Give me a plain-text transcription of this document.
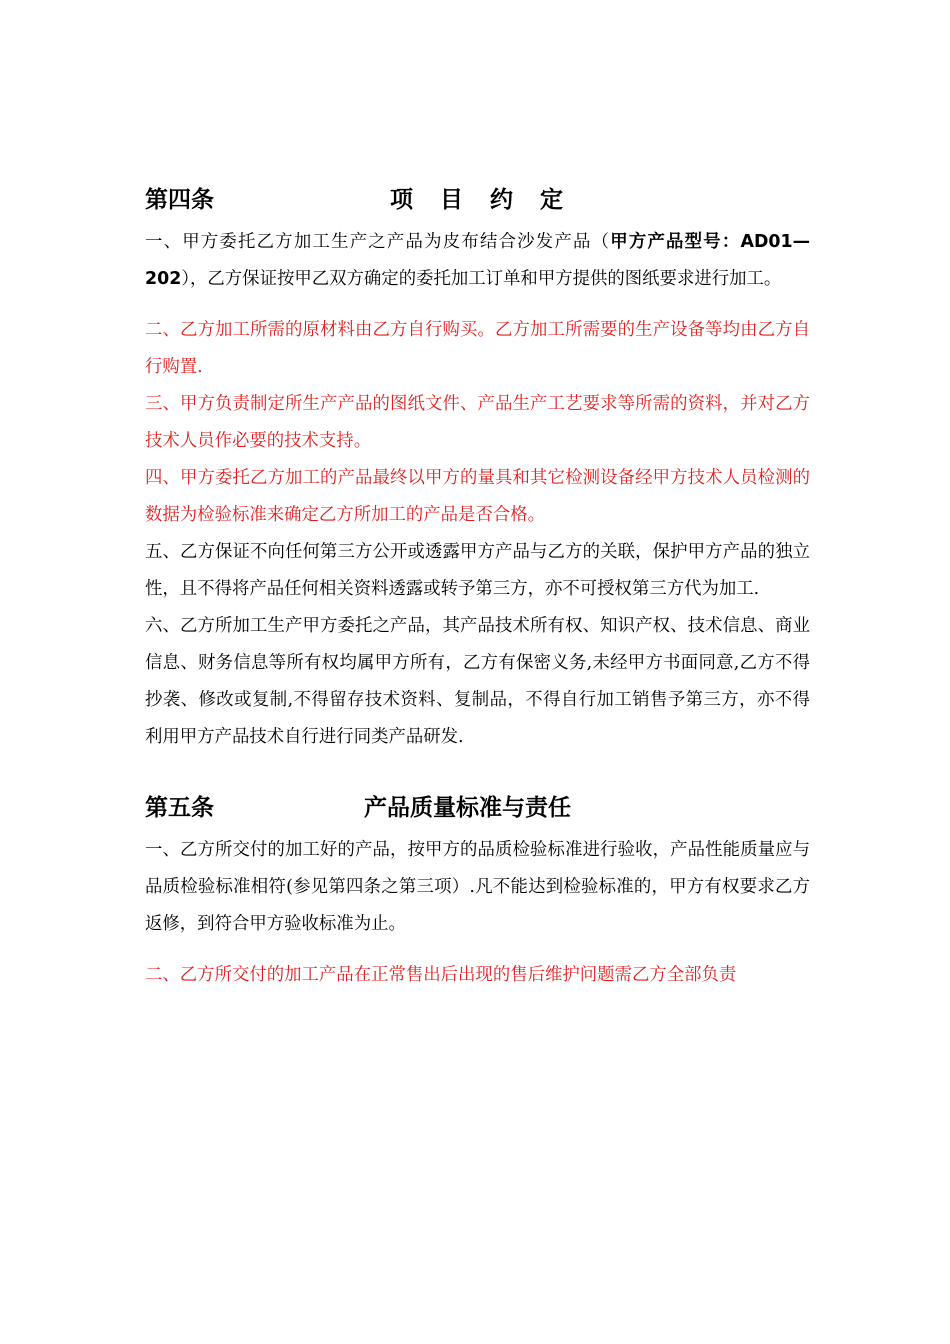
第四条	项目约定

一、甲方委托乙方加工生产之产品为皮布结合沙发产品（甲方产品型号：AD01—202），乙方保证按甲乙双方确定的委托加工订单和甲方提供的图纸要求进行加工。

二、乙方加工所需的原材料由乙方自行购买。乙方加工所需要的生产设备等均由乙方自行购置.

三、甲方负责制定所生产产品的图纸文件、产品生产工艺要求等所需的资料，并对乙方技术人员作必要的技术支持。

四、甲方委托乙方加工的产品最终以甲方的量具和其它检测设备经甲方技术人员检测的数据为检验标准来确定乙方所加工的产品是否合格。

五、乙方保证不向任何第三方公开或透露甲方产品与乙方的关联，保护甲方产品的独立性，且不得将产品任何相关资料透露或转予第三方，亦不可授权第三方代为加工.

六、乙方所加工生产甲方委托之产品，其产品技术所有权、知识产权、技术信息、商业信息、财务信息等所有权均属甲方所有，乙方有保密义务,未经甲方书面同意,乙方不得抄袭、修改或复制,不得留存技术资料、复制品，不得自行加工销售予第三方，亦不得利用甲方产品技术自行进行同类产品研发.

第五条	产品质量标准与责任

一、乙方所交付的加工好的产品，按甲方的品质检验标准进行验收，产品性能质量应与品质检验标准相符(参见第四条之第三项）.凡不能达到检验标准的，甲方有权要求乙方返修，到符合甲方验收标准为止。

二、乙方所交付的加工产品在正常售出后出现的售后维护问题需乙方全部负责
